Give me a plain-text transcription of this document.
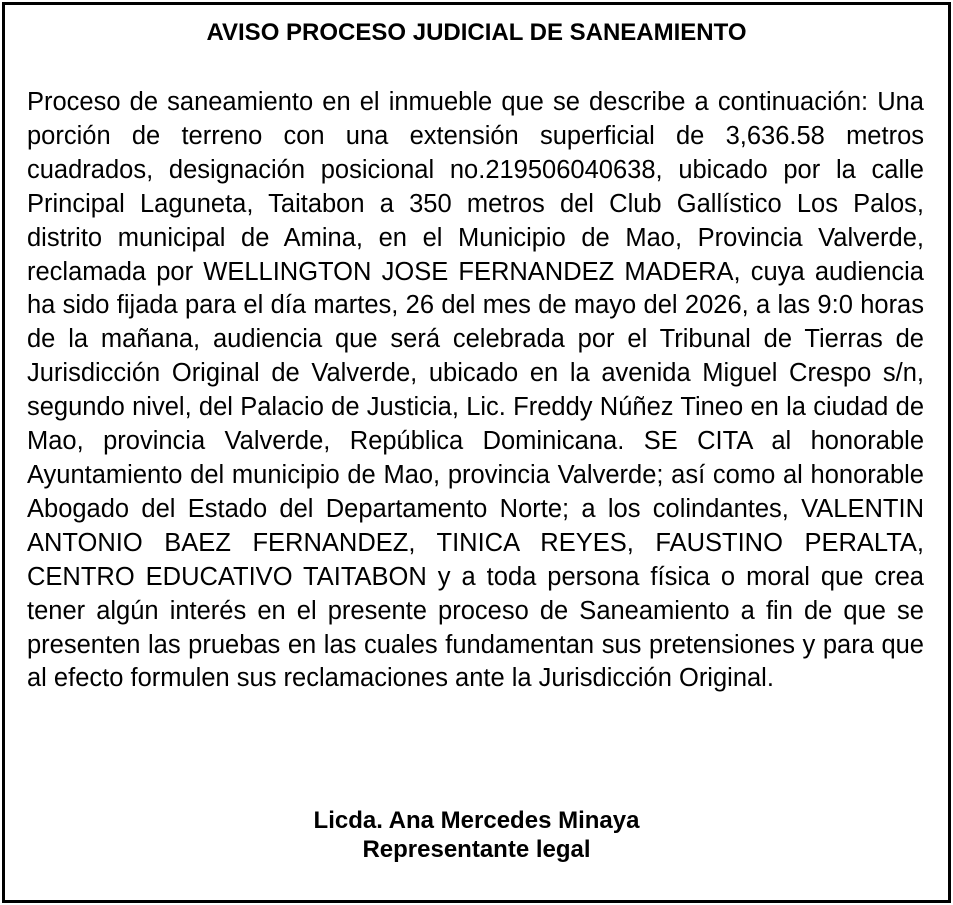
AVISO PROCESO JUDICIAL DE SANEAMIENTO

Proceso de saneamiento en el inmueble que se describe a continuación: Una porción de terreno con una extensión superficial de 3,636.58 metros cuadrados, designación posicional no.219506040638, ubicado por la calle Principal Laguneta, Taitabon a 350 metros del Club Gallístico Los Palos, distrito municipal de Amina, en el Municipio de Mao, Provincia Valverde, reclamada por WELLINGTON JOSE FERNANDEZ MADERA, cuya audiencia ha sido fijada para el día martes, 26 del mes de mayo del 2026, a las 9:0 horas de la mañana, audiencia que será celebrada por el Tribunal de Tierras de Jurisdicción Original de Valverde, ubicado en la avenida Miguel Crespo s/n, segundo nivel, del Palacio de Justicia, Lic. Freddy Núñez Tineo en la ciudad de Mao, provincia Valverde, República Dominicana. SE CITA al honorable Ayuntamiento del municipio de Mao, provincia Valverde; así como al honorable Abogado del Estado del Departamento Norte; a los colindantes, VALENTIN ANTONIO BAEZ FERNANDEZ, TINICA REYES, FAUSTINO PERALTA, CENTRO EDUCATIVO TAITABON y a toda persona física o moral que crea tener algún interés en el presente proceso de Saneamiento a fin de que se presenten las pruebas en las cuales fundamentan sus pretensiones y para que al efecto formulen sus reclamaciones ante la Jurisdicción Original.

Licda. Ana Mercedes Minaya
Representante legal
